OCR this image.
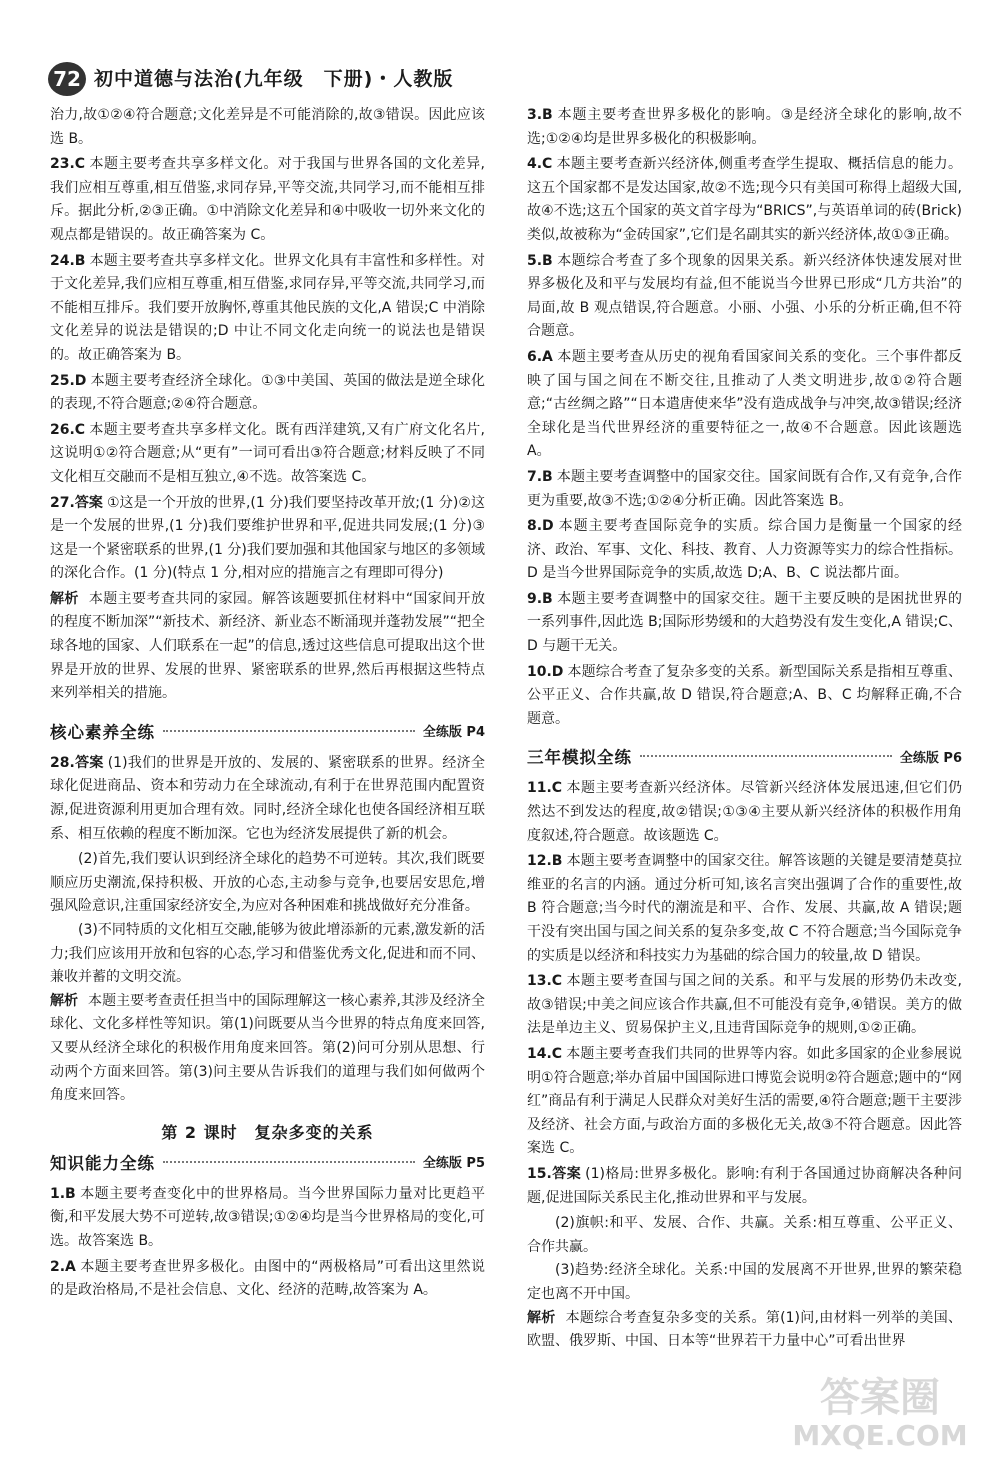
72 初中道德与法治(九年级　下册)・人教版

治力,故①②④符合题意;文化差异是不可能消除的,故③错误。因此应该选 B。

23.C 本题主要考查共享多样文化。对于我国与世界各国的文化差异,我们应相互尊重,相互借鉴,求同存异,平等交流,共同学习,而不能相互排斥。据此分析,②③正确。①中消除文化差异和④中吸收一切外来文化的观点都是错误的。故正确答案为 C。

24.B 本题主要考查共享多样文化。世界文化具有丰富性和多样性。对于文化差异,我们应相互尊重,相互借鉴,求同存异,平等交流,共同学习,而不能相互排斥。我们要开放胸怀,尊重其他民族的文化,A 错误;C 中消除文化差异的说法是错误的;D 中让不同文化走向统一的说法也是错误的。故正确答案为 B。

25.D 本题主要考查经济全球化。①③中美国、英国的做法是逆全球化的表现,不符合题意;②④符合题意。

26.C 本题主要考查共享多样文化。既有西洋建筑,又有广府文化名片,这说明①②符合题意;从“更有”一词可看出③符合题意;材料反映了不同文化相互交融而不是相互独立,④不选。故答案选 C。

27.答案 ①这是一个开放的世界,(1 分)我们要坚持改革开放;(1 分)②这是一个发展的世界,(1 分)我们要维护世界和平,促进共同发展;(1 分)③这是一个紧密联系的世界,(1 分)我们要加强和其他国家与地区的多领域的深化合作。(1 分)(特点 1 分,相对应的措施言之有理即可得分)

解析 本题主要考查共同的家园。解答该题要抓住材料中“国家间开放的程度不断加深”“新技术、新经济、新业态不断涌现并蓬勃发展”“把全球各地的国家、人们联系在一起”的信息,透过这些信息可提取出这个世界是开放的世界、发展的世界、紧密联系的世界,然后再根据这些特点来列举相关的措施。

核心素养全练	全练版 P4

28.答案 (1)我们的世界是开放的、发展的、紧密联系的世界。经济全球化促进商品、资本和劳动力在全球流动,有利于在世界范围内配置资源,促进资源利用更加合理有效。同时,经济全球化也使各国经济相互联系、相互依赖的程度不断加深。它也为经济发展提供了新的机会。

(2)首先,我们要认识到经济全球化的趋势不可逆转。其次,我们既要顺应历史潮流,保持积极、开放的心态,主动参与竞争,也要居安思危,增强风险意识,注重国家经济安全,为应对各种困难和挑战做好充分准备。

(3)不同特质的文化相互交融,能够为彼此增添新的元素,激发新的活力;我们应该用开放和包容的心态,学习和借鉴优秀文化,促进和而不同、兼收并蓄的文明交流。

解析 本题主要考查责任担当中的国际理解这一核心素养,其涉及经济全球化、文化多样性等知识。第(1)问既要从当今世界的特点角度来回答,又要从经济全球化的积极作用角度来回答。第(2)问可分别从思想、行动两个方面来回答。第(3)问主要从告诉我们的道理与我们如何做两个角度来回答。

第 2 课时　复杂多变的关系
知识能力全练	全练版 P5

1.B 本题主要考查变化中的世界格局。当今世界国际力量对比更趋平衡,和平发展大势不可逆转,故③错误;①②④均是当今世界格局的变化,可选。故答案选 B。

2.A 本题主要考查世界多极化。由图中的“两极格局”可看出这里然说的是政治格局,不是社会信息、文化、经济的范畴,故答案为 A。

3.B 本题主要考查世界多极化的影响。③是经济全球化的影响,故不选;①②④均是世界多极化的积极影响。

4.C 本题主要考查新兴经济体,侧重考查学生提取、概括信息的能力。这五个国家都不是发达国家,故②不选;现今只有美国可称得上超级大国,故④不选;这五个国家的英文首字母为“BRICS”,与英语单词的砖(Brick)类似,故被称为“金砖国家”,它们是名副其实的新兴经济体,故①③正确。

5.B 本题综合考查了多个现象的因果关系。新兴经济体快速发展对世界多极化及和平与发展均有益,但不能说当今世界已形成“几方共治”的局面,故 B 观点错误,符合题意。小丽、小强、小乐的分析正确,但不符合题意。

6.A 本题主要考查从历史的视角看国家间关系的变化。三个事件都反映了国与国之间在不断交往,且推动了人类文明进步,故①②符合题意;“古丝绸之路”“日本遣唐使来华”没有造成战争与冲突,故③错误;经济全球化是当代世界经济的重要特征之一,故④不合题意。因此该题选 A。

7.B 本题主要考查调整中的国家交往。国家间既有合作,又有竞争,合作更为重要,故③不选;①②④分析正确。因此答案选 B。

8.D 本题主要考查国际竞争的实质。综合国力是衡量一个国家的经济、政治、军事、文化、科技、教育、人力资源等实力的综合性指标。D 是当今世界国际竞争的实质,故选 D;A、B、C 说法都片面。

9.B 本题主要考查调整中的国家交往。题干主要反映的是困扰世界的一系列事件,因此选 B;国际形势缓和的大趋势没有发生变化,A 错误;C、D 与题干无关。

10.D 本题综合考查了复杂多变的关系。新型国际关系是指相互尊重、公平正义、合作共赢,故 D 错误,符合题意;A、B、C 均解释正确,不合题意。

三年模拟全练	全练版 P6

11.C 本题主要考查新兴经济体。尽管新兴经济体发展迅速,但它们仍然达不到发达的程度,故②错误;①③④主要从新兴经济体的积极作用角度叙述,符合题意。故该题选 C。

12.B 本题主要考查调整中的国家交往。解答该题的关键是要清楚莫拉维亚的名言的内涵。通过分析可知,该名言突出强调了合作的重要性,故 B 符合题意;当今时代的潮流是和平、合作、发展、共赢,故 A 错误;题干没有突出国与国之间关系的复杂多变,故 C 不符合题意;当今国际竞争的实质是以经济和科技实力为基础的综合国力的较量,故 D 错误。

13.C 本题主要考查国与国之间的关系。和平与发展的形势仍未改变,故③错误;中美之间应该合作共赢,但不可能没有竞争,④错误。美方的做法是单边主义、贸易保护主义,且违背国际竞争的规则,①②正确。

14.C 本题主要考查我们共同的世界等内容。如此多国家的企业参展说明①符合题意;举办首届中国国际进口博览会说明②符合题意;题中的“网红”商品有利于满足人民群众对美好生活的需要,④符合题意;题干主要涉及经济、社会方面,与政治方面的多极化无关,故③不符合题意。因此答案选 C。

15.答案 (1)格局:世界多极化。影响:有利于各国通过协商解决各种问题,促进国际关系民主化,推动世界和平与发展。

(2)旗帜:和平、发展、合作、共赢。关系:相互尊重、公平正义、合作共赢。

(3)趋势:经济全球化。关系:中国的发展离不开世界,世界的繁荣稳定也离不开中国。

解析 本题综合考查复杂多变的关系。第(1)问,由材料一列举的美国、欧盟、俄罗斯、中国、日本等“世界若干力量中心”可看出世界

答案圈
MXQE.COM
